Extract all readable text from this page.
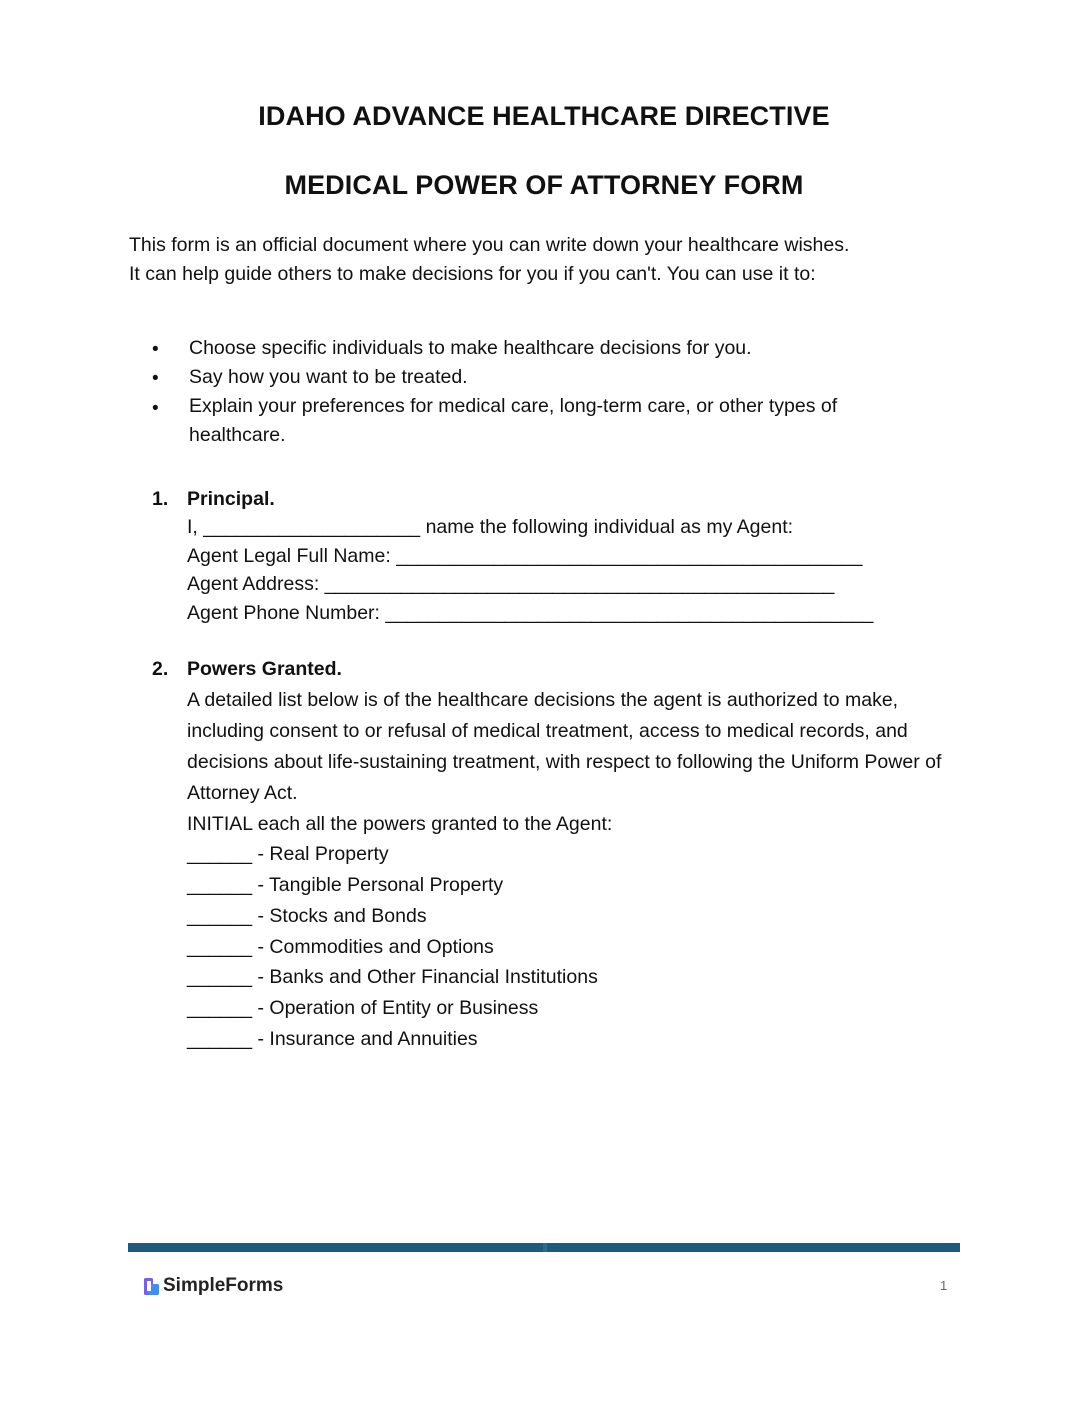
IDAHO ADVANCE HEALTHCARE DIRECTIVE
MEDICAL POWER OF ATTORNEY FORM
This form is an official document where you can write down your healthcare wishes.
It can help guide others to make decisions for you if you can't. You can use it to:
• Choose specific individuals to make healthcare decisions for you.
• Say how you want to be treated.
• Explain your preferences for medical care, long-term care, or other types of healthcare.
1. Principal.
I, ____________________ name the following individual as my Agent:
Agent Legal Full Name: ___________________________________________
Agent Address: _______________________________________________
Agent Phone Number: _____________________________________________
2. Powers Granted.
A detailed list below is of the healthcare decisions the agent is authorized to make, including consent to or refusal of medical treatment, access to medical records, and decisions about life-sustaining treatment, with respect to following the Uniform Power of Attorney Act.
INITIAL each all the powers granted to the Agent:
______ - Real Property
______ - Tangible Personal Property
______ - Stocks and Bonds
______ - Commodities and Options
______ - Banks and Other Financial Institutions
______ - Operation of Entity or Business
______ - Insurance and Annuities
SimpleForms	1
